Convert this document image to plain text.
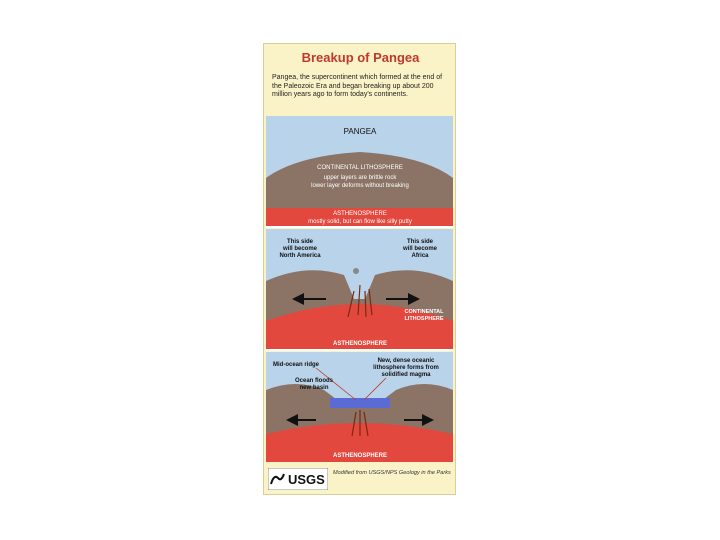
Breakup of Pangea
Pangea, the supercontinent which formed at the end of the Paleozoic Era and began breaking up about 200 million years ago to form today's continents.
PANGEA
CONTINENTAL LITHOSPHERE
upper layers are brittle rock
lower layer deforms without breaking
ASTHENOSPHERE
mostly solid, but can flow like silly putty
This side
will become
North America
This side
will become
Africa
CONTINENTAL
LITHOSPHERE
ASTHENOSPHERE
Mid-ocean ridge
Ocean floods
new basin
New, dense oceanic
lithosphere forms from
solidified magma
ASTHENOSPHERE
USGS Modified from USGS/NPS Geology in the Parks
